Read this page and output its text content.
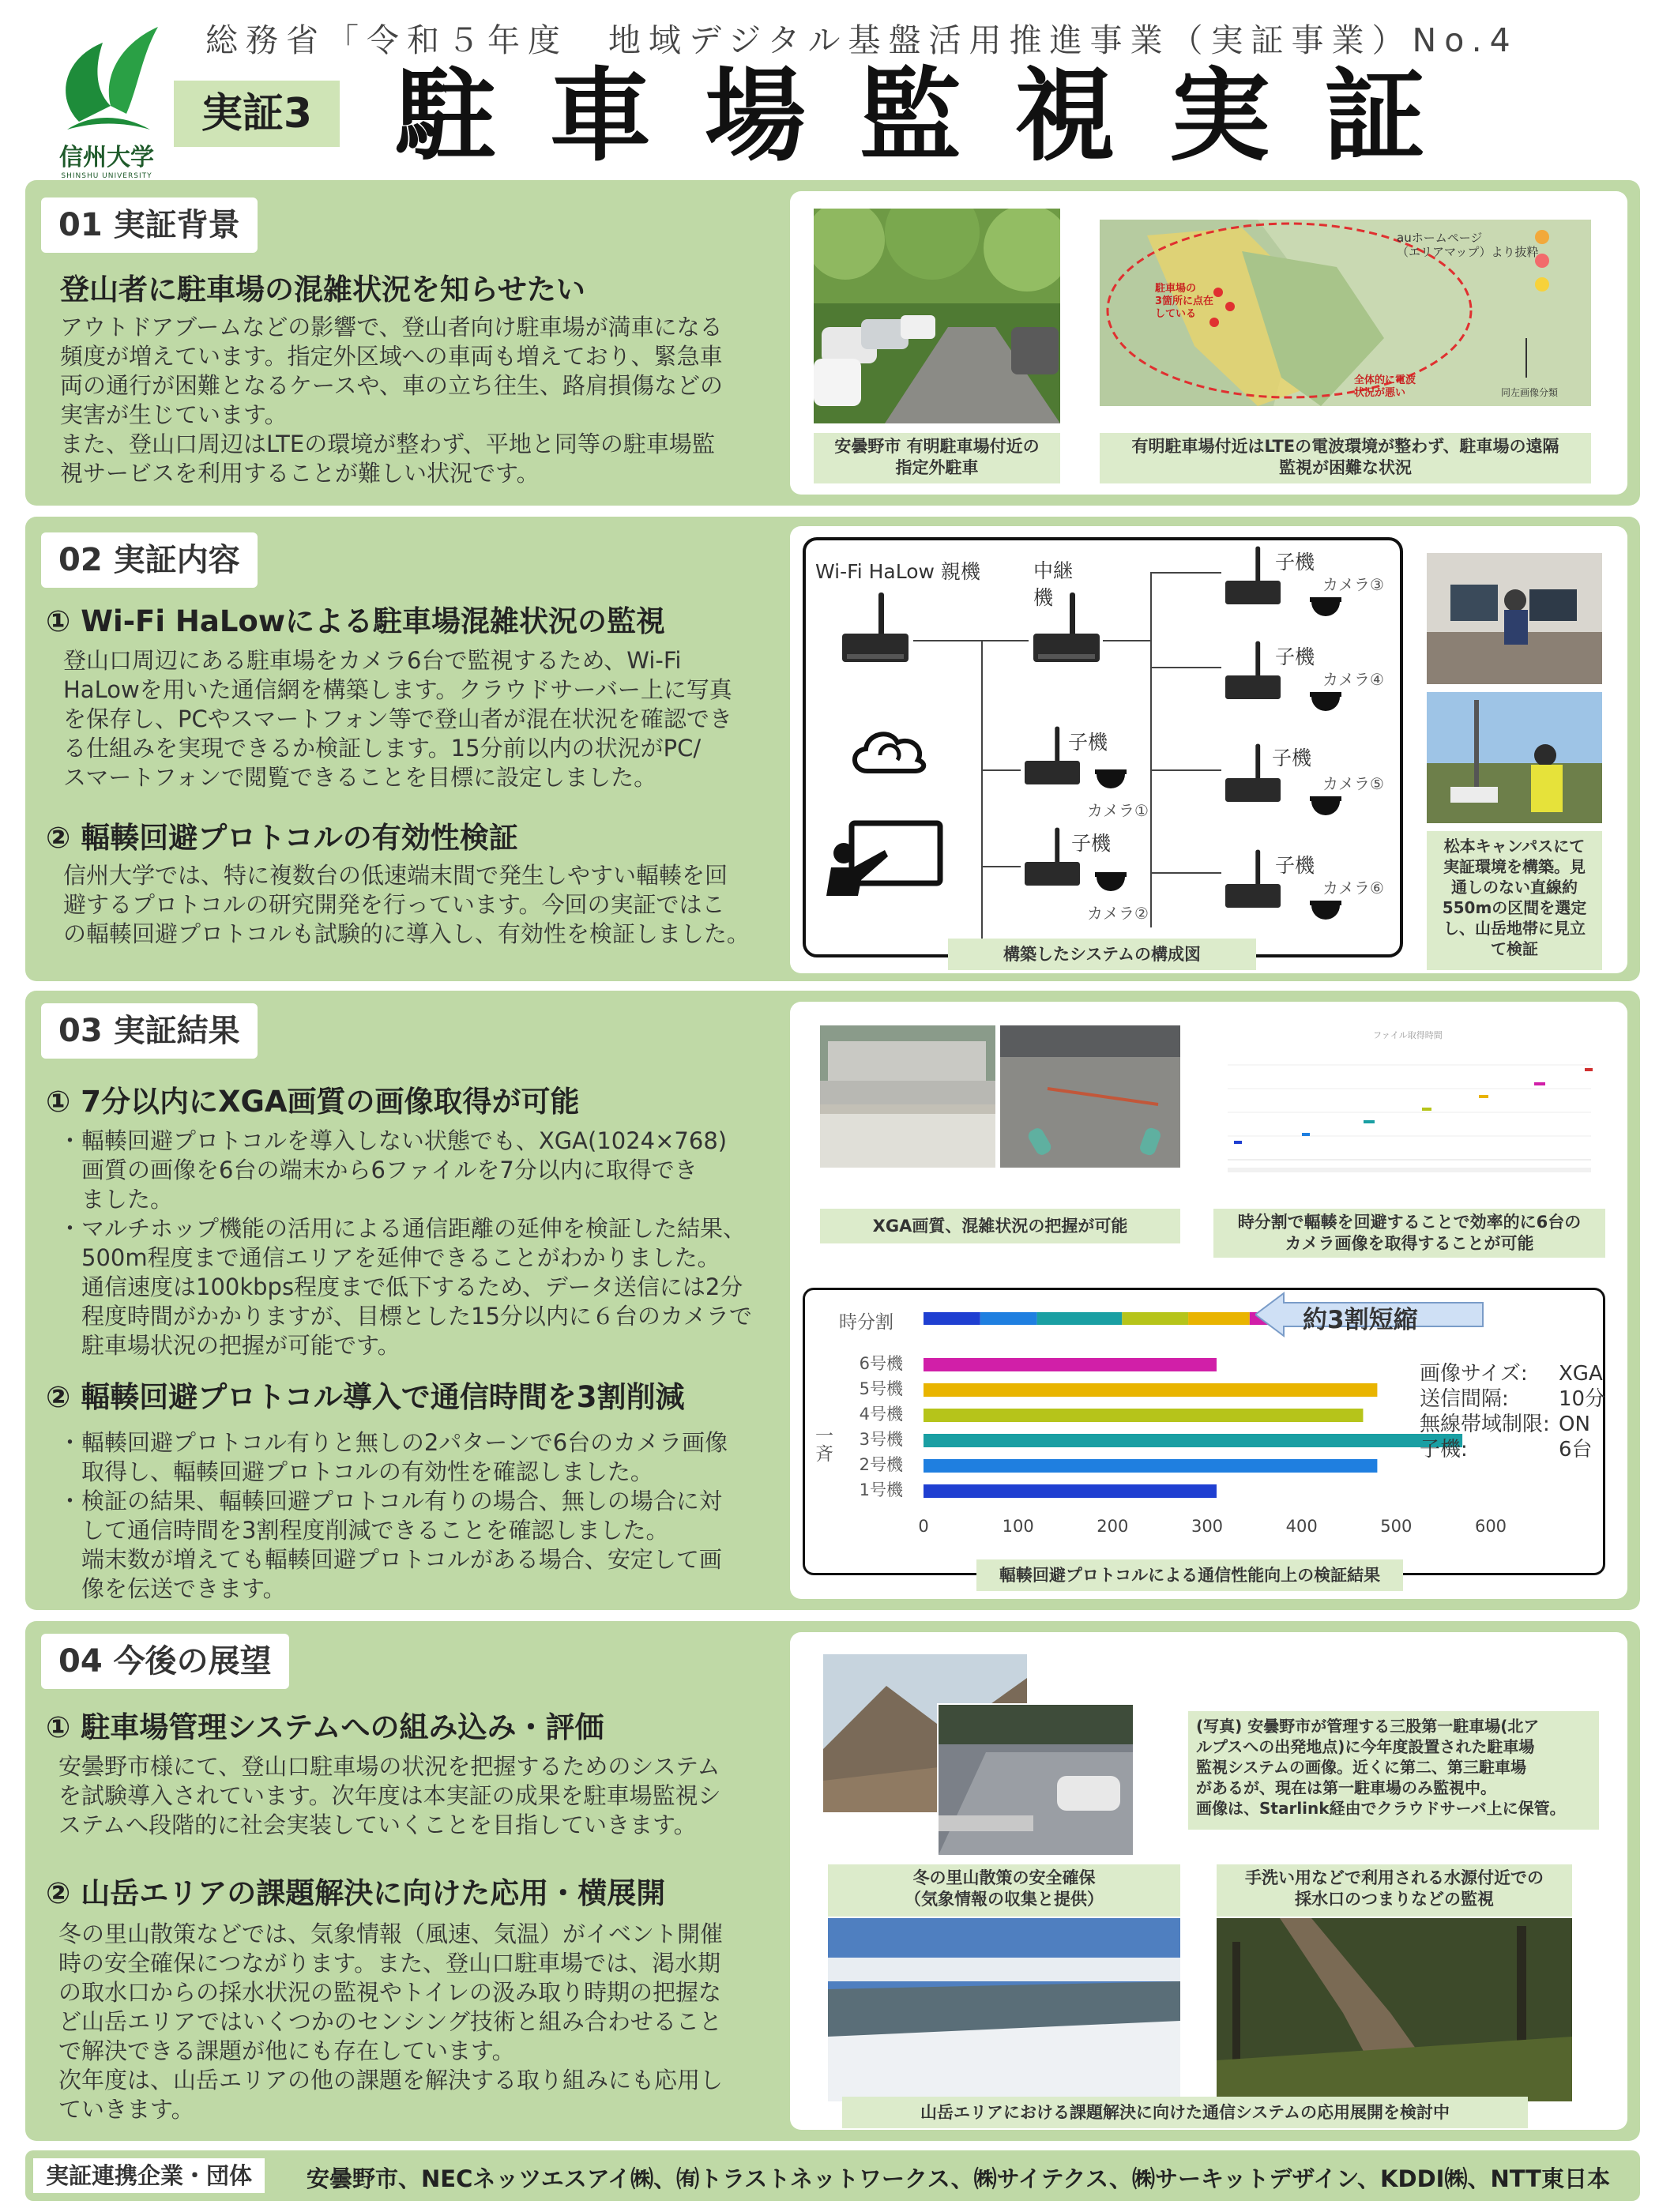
信州大学
SHINSHU UNIVERSITY
総務省「令和５年度　地域デジタル基盤活用推進事業（実証事業）No.4
実証3 駐車場監視実証
01 実証背景
登山者に駐車場の混雑状況を知らせたい
アウトドアブームなどの影響で、登山者向け駐車場が満車になる
頻度が増えています。指定外区域への車両も増えており、緊急車
両の通行が困難となるケースや、車の立ち往生、路肩損傷などの
実害が生じています。
また、登山口周辺はLTEの環境が整わず、平地と同等の駐車場監
視サービスを利用することが難しい状況です。
安曇野市 有明駐車場付近の
指定外駐車
auホームページ
（エリアマップ）より抜粋
駐車場の
3箇所に点在
している
全体的に電波
状況が悪い	同左画像分類
有明駐車場付近はLTEの電波環境が整わず、駐車場の遠隔
監視が困難な状況
02 実証内容
① Wi-Fi HaLowによる駐車場混雑状況の監視
登山口周辺にある駐車場をカメラ6台で監視するため、Wi-Fi
HaLowを用いた通信網を構築します。クラウドサーバー上に写真
を保存し、PCやスマートフォン等で登山者が混在状況を確認でき
る仕組みを実現できるか検証します。15分前以内の状況がPC/
スマートフォンで閲覧できることを目標に設定しました。
② 輻輳回避プロトコルの有効性検証
信州大学では、特に複数台の低速端末間で発生しやすい輻輳を回
避するプロトコルの研究開発を行っています。今回の実証ではこ
の輻輳回避プロトコルも試験的に導入し、有効性を検証しました。
Wi-Fi HaLow 親機	中継
機
子機
カメラ①
子機
カメラ②
子機
カメラ③
子機
カメラ④
子機
カメラ⑤
子機
カメラ⑥
構築したシステムの構成図
松本キャンパスにて
実証環境を構築。見
通しのない直線約
550mの区間を選定
し、山岳地帯に見立
て検証
03 実証結果
① 7分以内にXGA画質の画像取得が可能
・輻輳回避プロトコルを導入しない状態でも、XGA(1024×768)
　画質の画像を6台の端末から6ファイルを7分以内に取得でき
　ました。
・マルチホップ機能の活用による通信距離の延伸を検証した結果、
　500m程度まで通信エリアを延伸できることがわかりました。
　通信速度は100kbps程度まで低下するため、データ送信には2分
　程度時間がかかりますが、目標とした15分以内に６台のカメラで
　駐車場状況の把握が可能です。
② 輻輳回避プロトコル導入で通信時間を3割削減
・輻輳回避プロトコル有りと無しの2パターンで6台のカメラ画像
　取得し、輻輳回避プロトコルの有効性を確認しました。
・検証の結果、輻輳回避プロトコル有りの場合、無しの場合に対
　して通信時間を3割程度削減できることを確認しました。
　端末数が増えても輻輳回避プロトコルがある場合、安定して画
　像を伝送できます。
XGA画質、混雑状況の把握が可能
ファイル取得時間
時分割で輻輳を回避することで効率的に6台の
カメラ画像を取得することが可能
時分割
一斉
6号機
5号機
4号機
3号機
2号機
1号機
0	100	200	300	400	500	600
約3割短縮
画像サイズ: XGA
送信間隔: 10分
無線帯域制限: ON
子機:	6台
輻輳回避プロトコルによる通信性能向上の検証結果
04 今後の展望
① 駐車場管理システムへの組み込み・評価
安曇野市様にて、登山口駐車場の状況を把握するためのシステム
を試験導入されています。次年度は本実証の成果を駐車場監視シ
ステムへ段階的に社会実装していくことを目指していきます。
② 山岳エリアの課題解決に向けた応用・横展開
冬の里山散策などでは、気象情報（風速、気温）がイベント開催
時の安全確保につながります。また、登山口駐車場では、渇水期
の取水口からの採水状況の監視やトイレの汲み取り時期の把握な
ど山岳エリアではいくつかのセンシング技術と組み合わせること
で解決できる課題が他にも存在しています。
次年度は、山岳エリアの他の課題を解決する取り組みにも応用し
ていきます。
(写真) 安曇野市が管理する三股第一駐車場(北ア
ルプスへの出発地点)に今年度設置された駐車場
監視システムの画像。近くに第二、第三駐車場
があるが、現在は第一駐車場のみ監視中。
画像は、Starlink経由でクラウドサーバ上に保管。
冬の里山散策の安全確保
（気象情報の収集と提供）
手洗い用などで利用される水源付近での
採水口のつまりなどの監視
山岳エリアにおける課題解決に向けた通信システムの応用展開を検討中
実証連携企業・団体	安曇野市、NECネッツエスアイ㈱、㈲トラストネットワークス、㈱サイテクス、㈱サーキットデザイン、KDDI㈱、NTT東日本
